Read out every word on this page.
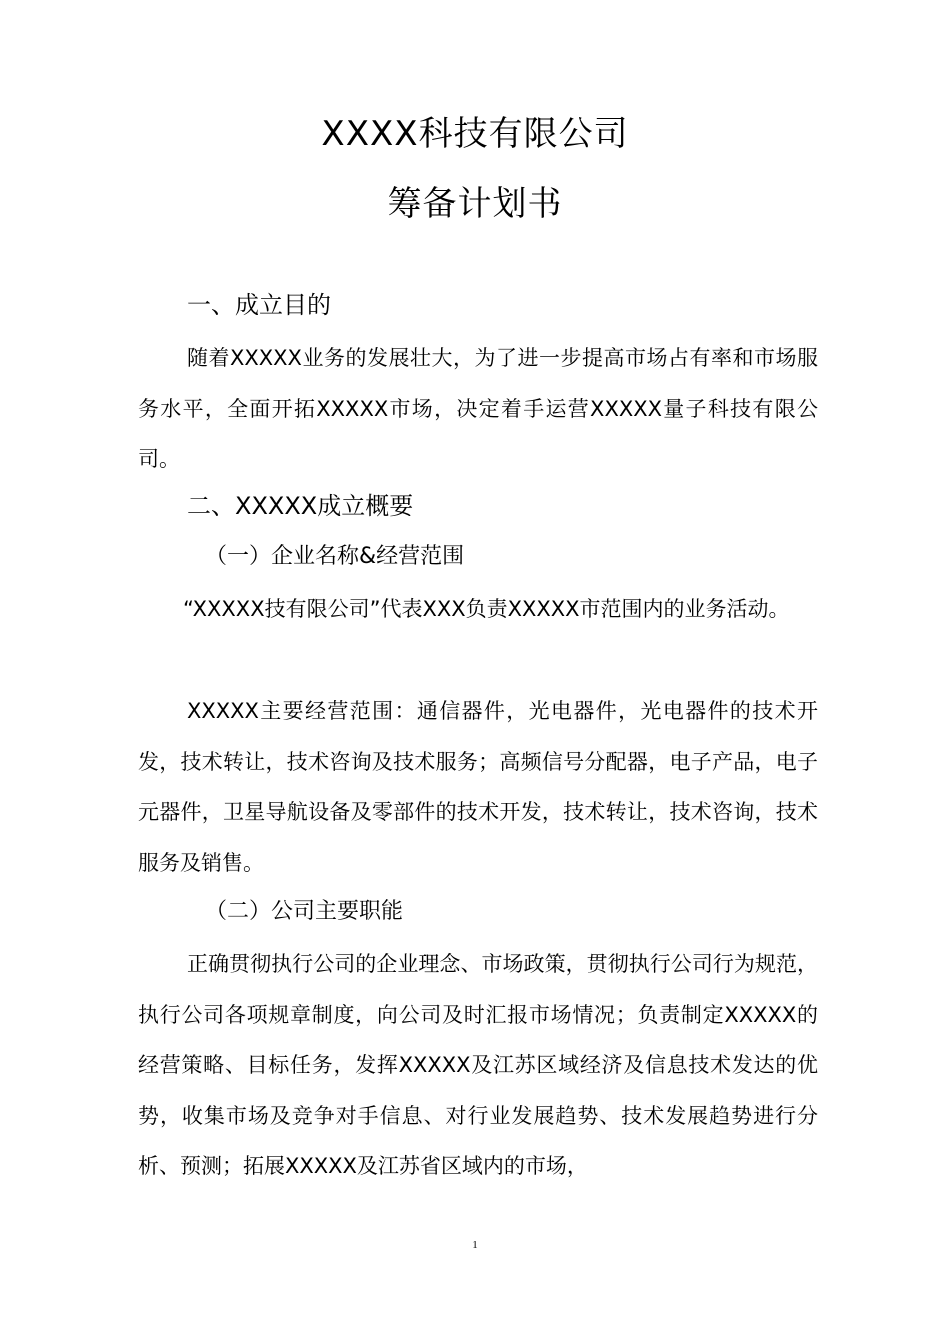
XXXX科技有限公司
筹备计划书
一、成立目的

随着XXXXX业务的发展壮大，为了进一步提高市场占有率和市场服务水平，全面开拓XXXXX市场，决定着手运营XXXXX量子科技有限公司。

二、XXXXX成立概要
（一）企业名称&经营范围

“XXXXX技有限公司”代表XXX负责XXXXX市范围内的业务活动。

XXXXX主要经营范围：通信器件，光电器件，光电器件的技术开发，技术转让，技术咨询及技术服务；高频信号分配器，电子产品，电子元器件，卫星导航设备及零部件的技术开发，技术转让，技术咨询，技术服务及销售。

（二）公司主要职能

正确贯彻执行公司的企业理念、市场政策，贯彻执行公司行为规范，执行公司各项规章制度，向公司及时汇报市场情况；负责制定XXXXX的经营策略、目标任务，发挥XXXXX及江苏区域经济及信息技术发达的优势，收集市场及竞争对手信息、对行业发展趋势、技术发展趋势进行分析、预测；拓展XXXXX及江苏省区域内的市场，

1
